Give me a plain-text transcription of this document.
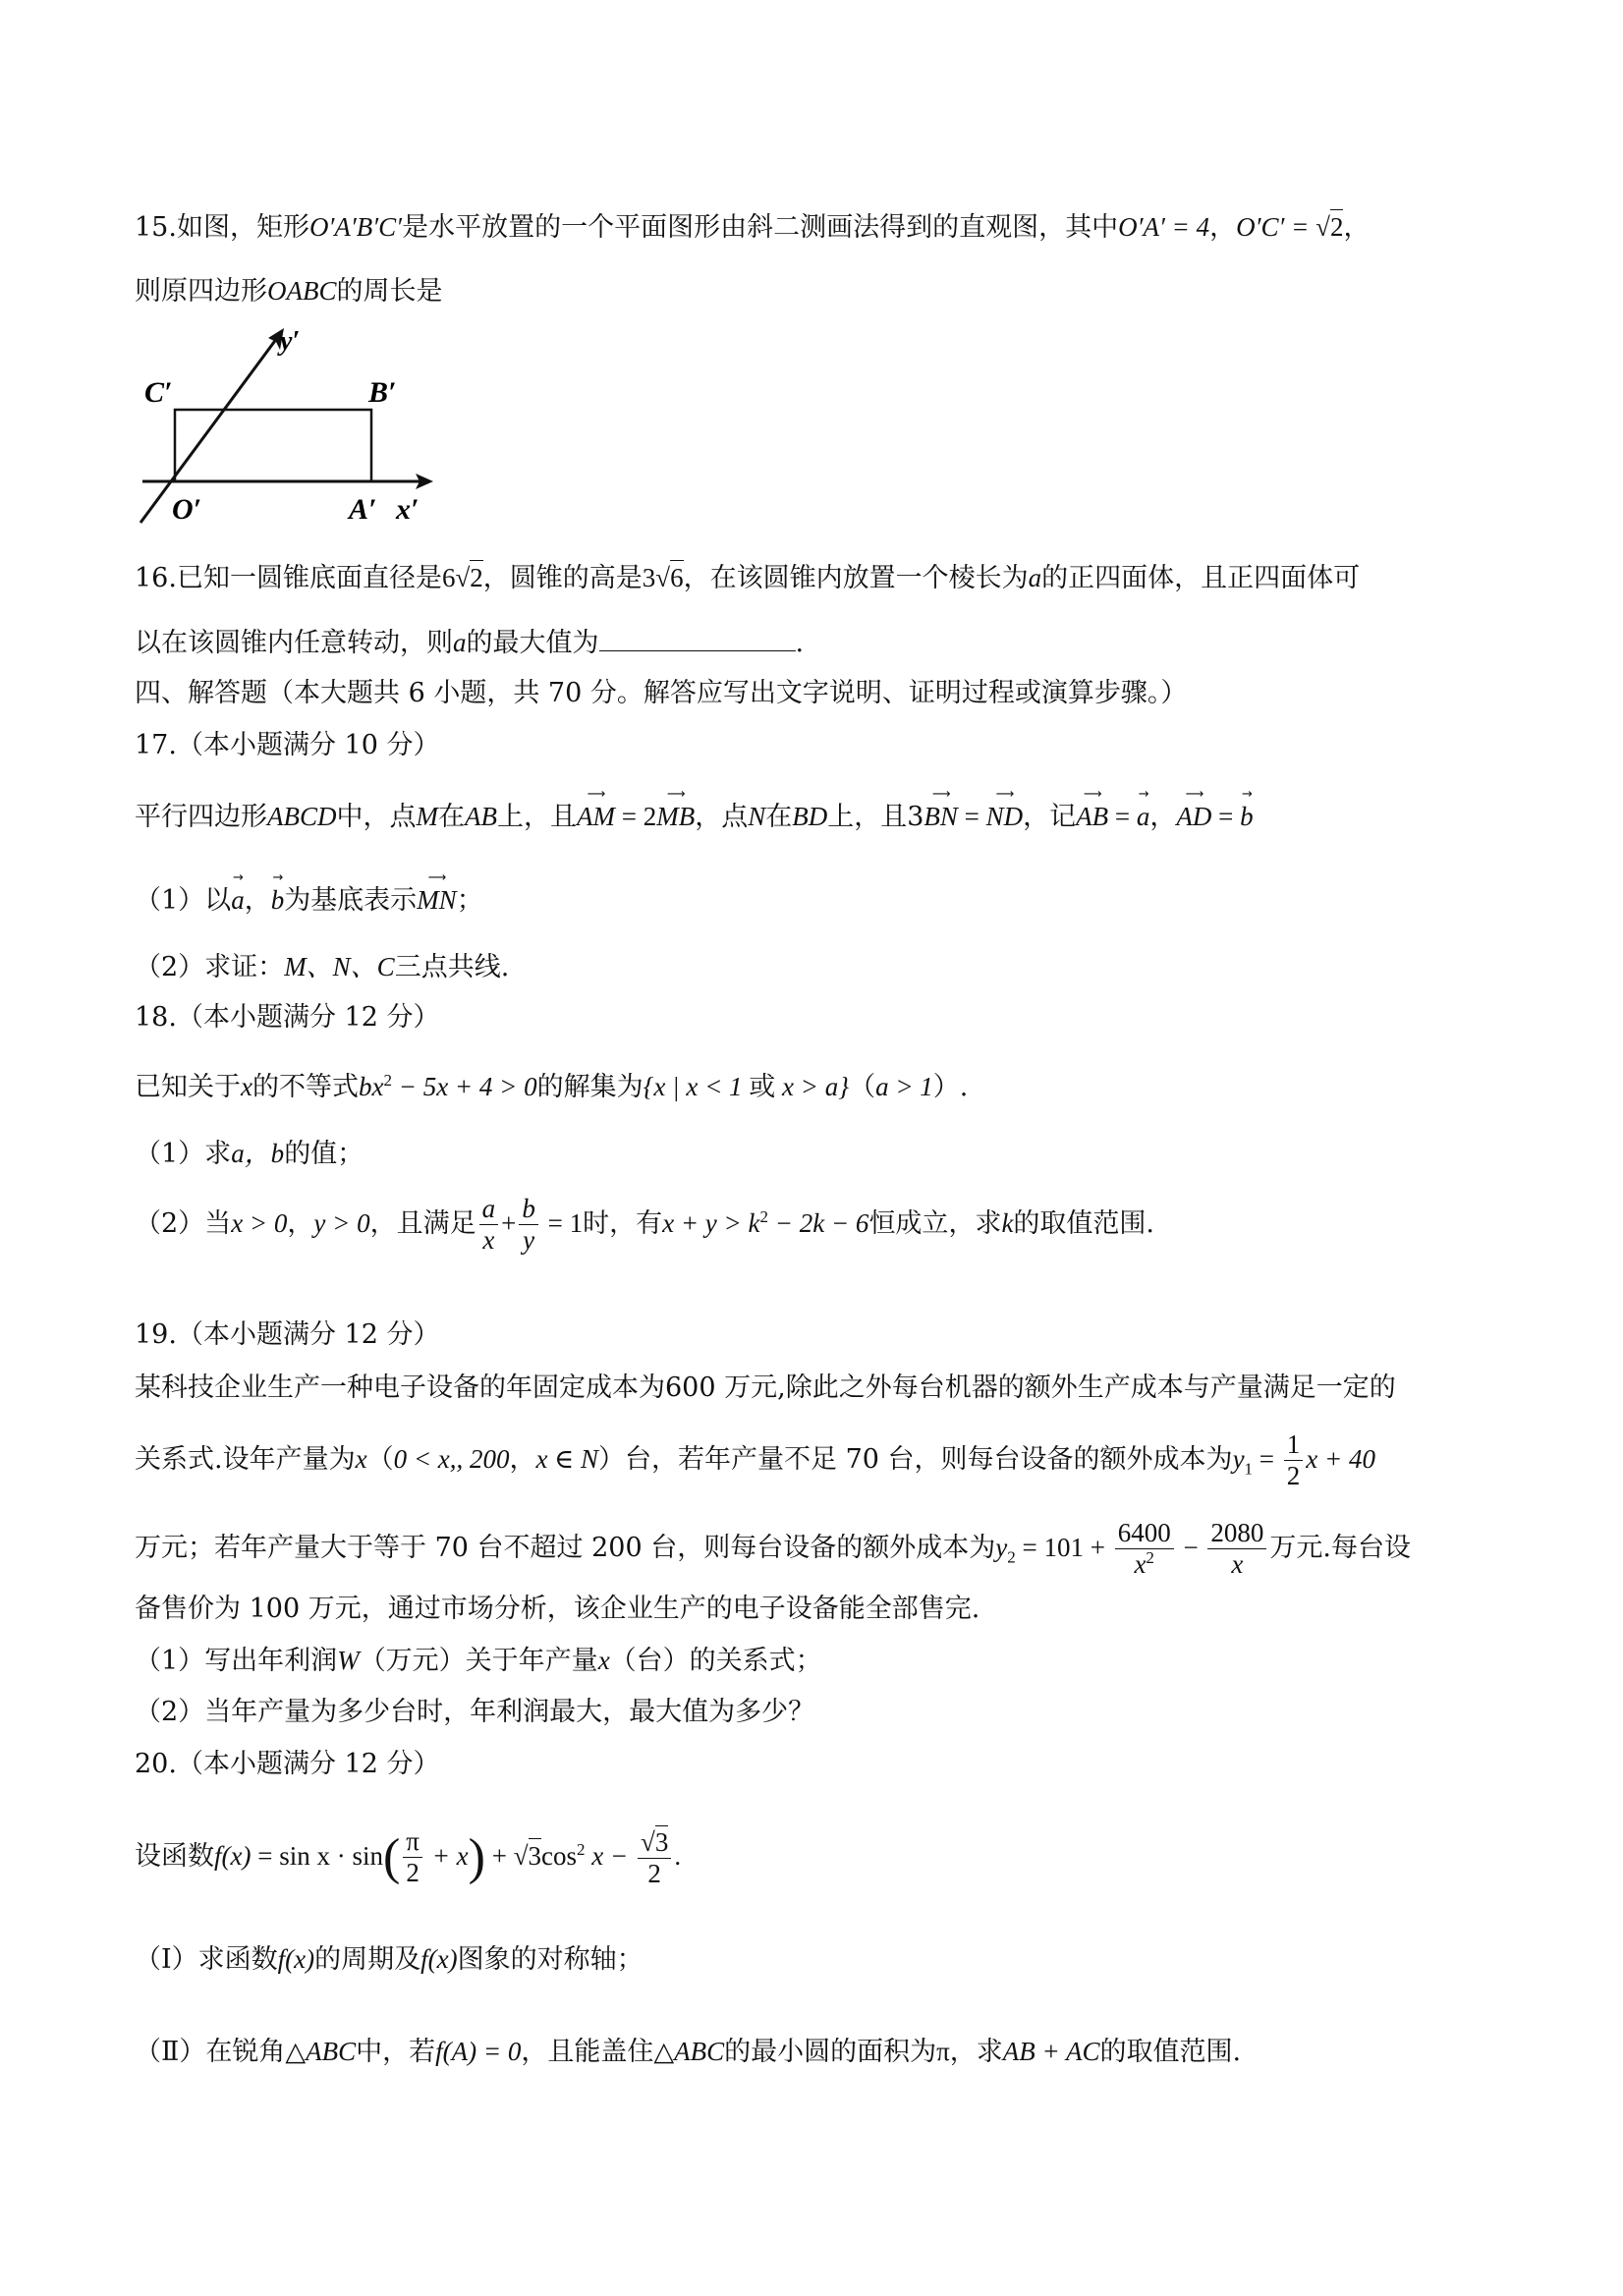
15.如图，矩形O′A′B′C′是水平放置的一个平面图形由斜二测画法得到的直观图，其中O′A′ = 4，O′C′ = √2，
则原四边形OABC的周长是
C′	B′
y′
O′	A′ x′
16.已知一圆锥底面直径是6√2，圆锥的高是3√6，在该圆锥内放置一个棱长为a的正四面体，且正四面体可
以在该圆锥内任意转动，则a的最大值为	.
四、解答题（本大题共 6 小题，共 70 分。解答应写出文字说明、证明过程或演算步骤。）
17.（本小题满分 10 分）
平行四边形ABCD中，点M在AB上，且
⟶
AM = 2
⟶
MB，点N在BD上，且3
⟶
BN =
⟶
ND，记
⟶
AB =
→
a，
⟶
AD =
→
b
（1）以
→
a，
→
b为基底表示
⟶
MN；
（2）求证：M、N、C三点共线.
18.（本小题满分 12 分）
已知关于x的不等式$bx^2 - 5x + 4 > 0$的解集为{x | x < 1 或 x > a}（a > 1）.
（1）求a，b的值；
（2）当x > 0，y > 0，且满足 $\frac{a}{x} + \frac{b}{y} = 1$时，有$x + y > k^2 - 2k - 6$恒成立，求k的取值范围.
19.（本小题满分 12 分）
某科技企业生产一种电子设备的年固定成本为600 万元,除此之外每台机器的额外生产成本与产量满足一定的
关系式.设年产量为x（0 < x,, 200，x ∈ N）台，若年产量不足 70 台，则每台设备的额外成本为$y_1 = \frac{1}{2}$ x + 40
万元；若年产量大于等于 70 台不超过 200 台，则每台设备的额外成本为$y_2 = 101 + \frac{6400}{x^2} - \frac{2080}{x}$ 万元.每台设
备售价为 100 万元，通过市场分析，该企业生产的电子设备能全部售完.
（1）写出年利润W（万元）关于年产量x（台）的关系式；
（2）当年产量为多少台时，年利润最大，最大值为多少？
20.（本小题满分 12 分）
设函数$f(x) = \sin x \cdot \sin( \frac{\pi}{2} + x) + √3\cos^2$ $x - \frac{√3}{2}$ .
（Ⅰ）求函数f(x)的周期及f(x)图象的对称轴；
（Ⅱ）在锐角△ABC中，若f(A) = 0，且能盖住△ABC的最小圆的面积为π，求AB + AC的取值范围.
